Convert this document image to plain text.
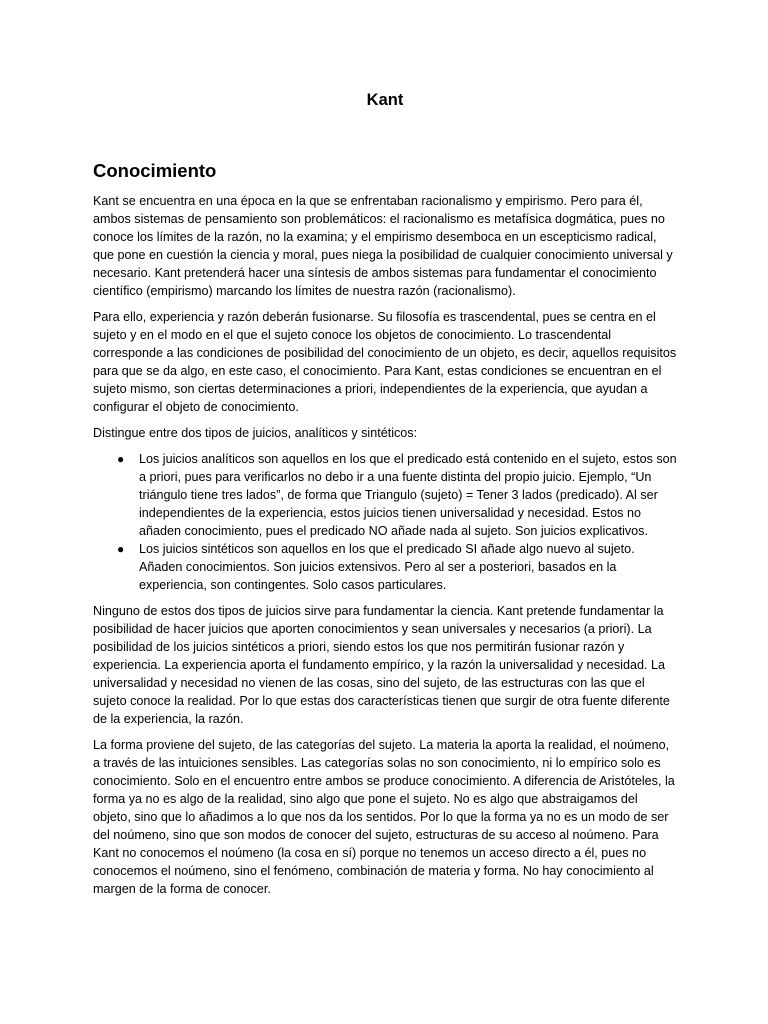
Kant
Conocimiento

Kant se encuentra en una época en la que se enfrentaban racionalismo y empirismo. Pero para él, ambos sistemas de pensamiento son problemáticos: el racionalismo es metafísica dogmática, pues no conoce los límites de la razón, no la examina; y el empirismo desemboca en un escepticismo radical, que pone en cuestión la ciencia y moral, pues niega la posibilidad de cualquier conocimiento universal y necesario. Kant pretenderá hacer una síntesis de ambos sistemas para fundamentar el conocimiento científico (empirismo) marcando los límites de nuestra razón (racionalismo).

Para ello, experiencia y razón deberán fusionarse. Su filosofía es trascendental, pues se centra en el sujeto y en el modo en el que el sujeto conoce los objetos de conocimiento. Lo trascendental corresponde a las condiciones de posibilidad del conocimiento de un objeto, es decir, aquellos requisitos para que se da algo, en este caso, el conocimiento. Para Kant, estas condiciones se encuentran en el sujeto mismo, son ciertas determinaciones a priori, independientes de la experiencia, que ayudan a configurar el objeto de conocimiento.

Distingue entre dos tipos de juicios, analíticos y sintéticos:

● Los juicios analíticos son aquellos en los que el predicado está contenido en el sujeto, estos son a priori, pues para verificarlos no debo ir a una fuente distinta del propio juicio. Ejemplo, “Un triángulo tiene tres lados”, de forma que Triangulo (sujeto) = Tener 3 lados (predicado). Al ser independientes de la experiencia, estos juicios tienen universalidad y necesidad. Estos no añaden conocimiento, pues el predicado NO añade nada al sujeto. Son juicios explicativos.
● Los juicios sintéticos son aquellos en los que el predicado SI añade algo nuevo al sujeto. Añaden conocimientos. Son juicios extensivos. Pero al ser a posteriori, basados en la experiencia, son contingentes. Solo casos particulares.

Ninguno de estos dos tipos de juicios sirve para fundamentar la ciencia. Kant pretende fundamentar la posibilidad de hacer juicios que aporten conocimientos y sean universales y necesarios (a priori). La posibilidad de los juicios sintéticos a priori, siendo estos los que nos permitirán fusionar razón y experiencia. La experiencia aporta el fundamento empírico, y la razón la universalidad y necesidad. La universalidad y necesidad no vienen de las cosas, sino del sujeto, de las estructuras con las que el sujeto conoce la realidad. Por lo que estas dos características tienen que surgir de otra fuente diferente de la experiencia, la razón.

La forma proviene del sujeto, de las categorías del sujeto. La materia la aporta la realidad, el noúmeno, a través de las intuiciones sensibles. Las categorías solas no son conocimiento, ni lo empírico solo es conocimiento. Solo en el encuentro entre ambos se produce conocimiento. A diferencia de Aristóteles, la forma ya no es algo de la realidad, sino algo que pone el sujeto. No es algo que abstraigamos del objeto, sino que lo añadimos a lo que nos da los sentidos. Por lo que la forma ya no es un modo de ser del noúmeno, sino que son modos de conocer del sujeto, estructuras de su acceso al noúmeno. Para Kant no conocemos el noúmeno (la cosa en sí) porque no tenemos un acceso directo a él, pues no conocemos el noúmeno, sino el fenómeno, combinación de materia y forma. No hay conocimiento al margen de la forma de conocer.
